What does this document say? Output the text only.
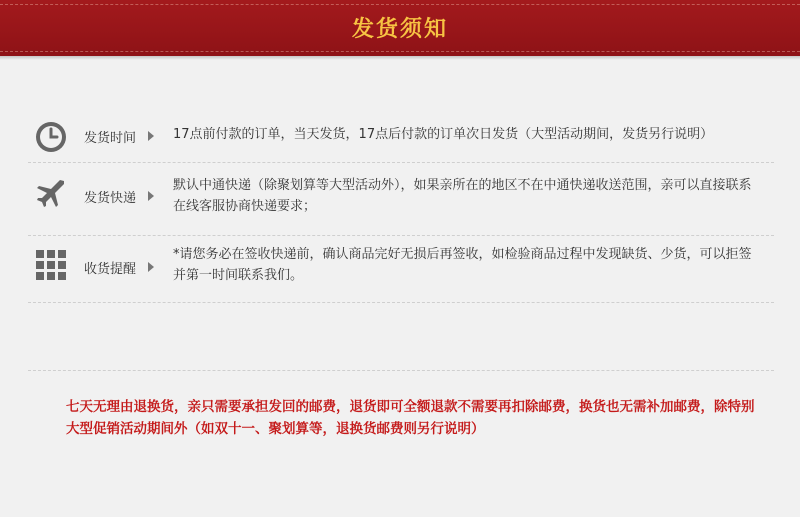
发货须知
发货时间	17点前付款的订单，当天发货，17点后付款的订单次日发货（大型活动期间，发货另行说明）
发货快递
默认中通快递（除聚划算等大型活动外），如果亲所在的地区不在中通快递收送范围，亲可以直接联系在线客服协商快递要求；
收货提醒
*请您务必在签收快递前，确认商品完好无损后再签收，如检验商品过程中发现缺货、少货，可以拒签并第一时间联系我们。
七天无理由退换货，亲只需要承担发回的邮费，退货即可全额退款不需要再扣除邮费，换货也无需补加邮费，除特别大型促销活动期间外（如双十一、聚划算等，退换货邮费则另行说明）
